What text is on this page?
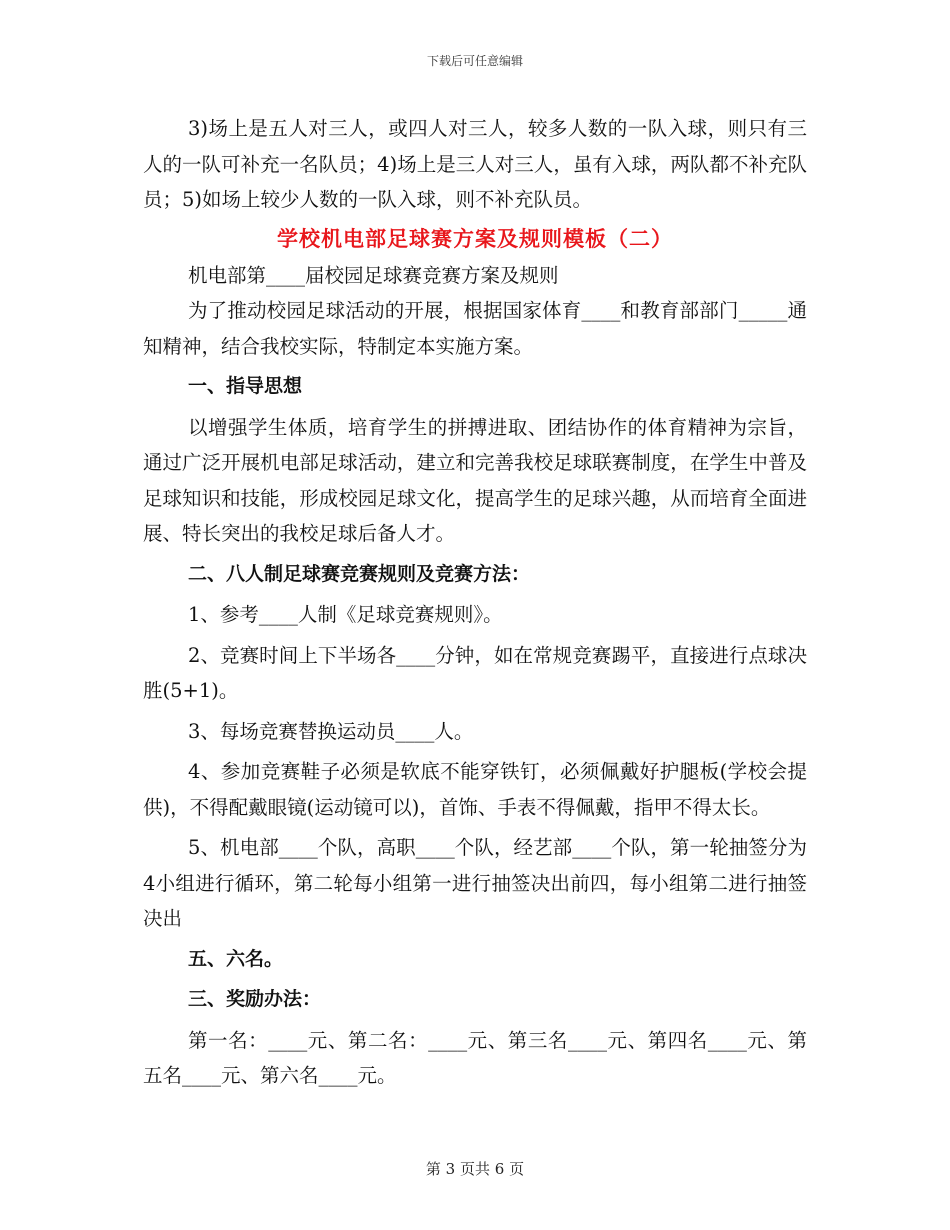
下载后可任意编辑

3)场上是五人对三人，或四人对三人，较多人数的一队入球，则只有三人的一队可补充一名队员；4)场上是三人对三人，虽有入球，两队都不补充队员；5)如场上较少人数的一队入球，则不补充队员。

学校机电部足球赛方案及规则模板（二）

机电部第____届校园足球赛竞赛方案及规则

为了推动校园足球活动的开展，根据国家体育____和教育部部门_____通知精神，结合我校实际，特制定本实施方案。

一、指导思想

以增强学生体质，培育学生的拼搏进取、团结协作的体育精神为宗旨，通过广泛开展机电部足球活动，建立和完善我校足球联赛制度，在学生中普及足球知识和技能，形成校园足球文化，提高学生的足球兴趣，从而培育全面进展、特长突出的我校足球后备人才。

二、八人制足球赛竞赛规则及竞赛方法：

1、参考____人制《足球竞赛规则》。

2、竞赛时间上下半场各____分钟，如在常规竞赛踢平，直接进行点球决胜(5+1)。

3、每场竞赛替换运动员____人。

4、参加竞赛鞋子必须是软底不能穿铁钉，必须佩戴好护腿板(学校会提供)，不得配戴眼镜(运动镜可以)，首饰、手表不得佩戴，指甲不得太长。

5、机电部____个队，高职____个队，经艺部____个队，第一轮抽签分为4小组进行循环，第二轮每小组第一进行抽签决出前四，每小组第二进行抽签决出

五、六名。

三、奖励办法：

第一名：____元、第二名：____元、第三名____元、第四名____元、第五名____元、第六名____元。

第 3 页共 6 页
